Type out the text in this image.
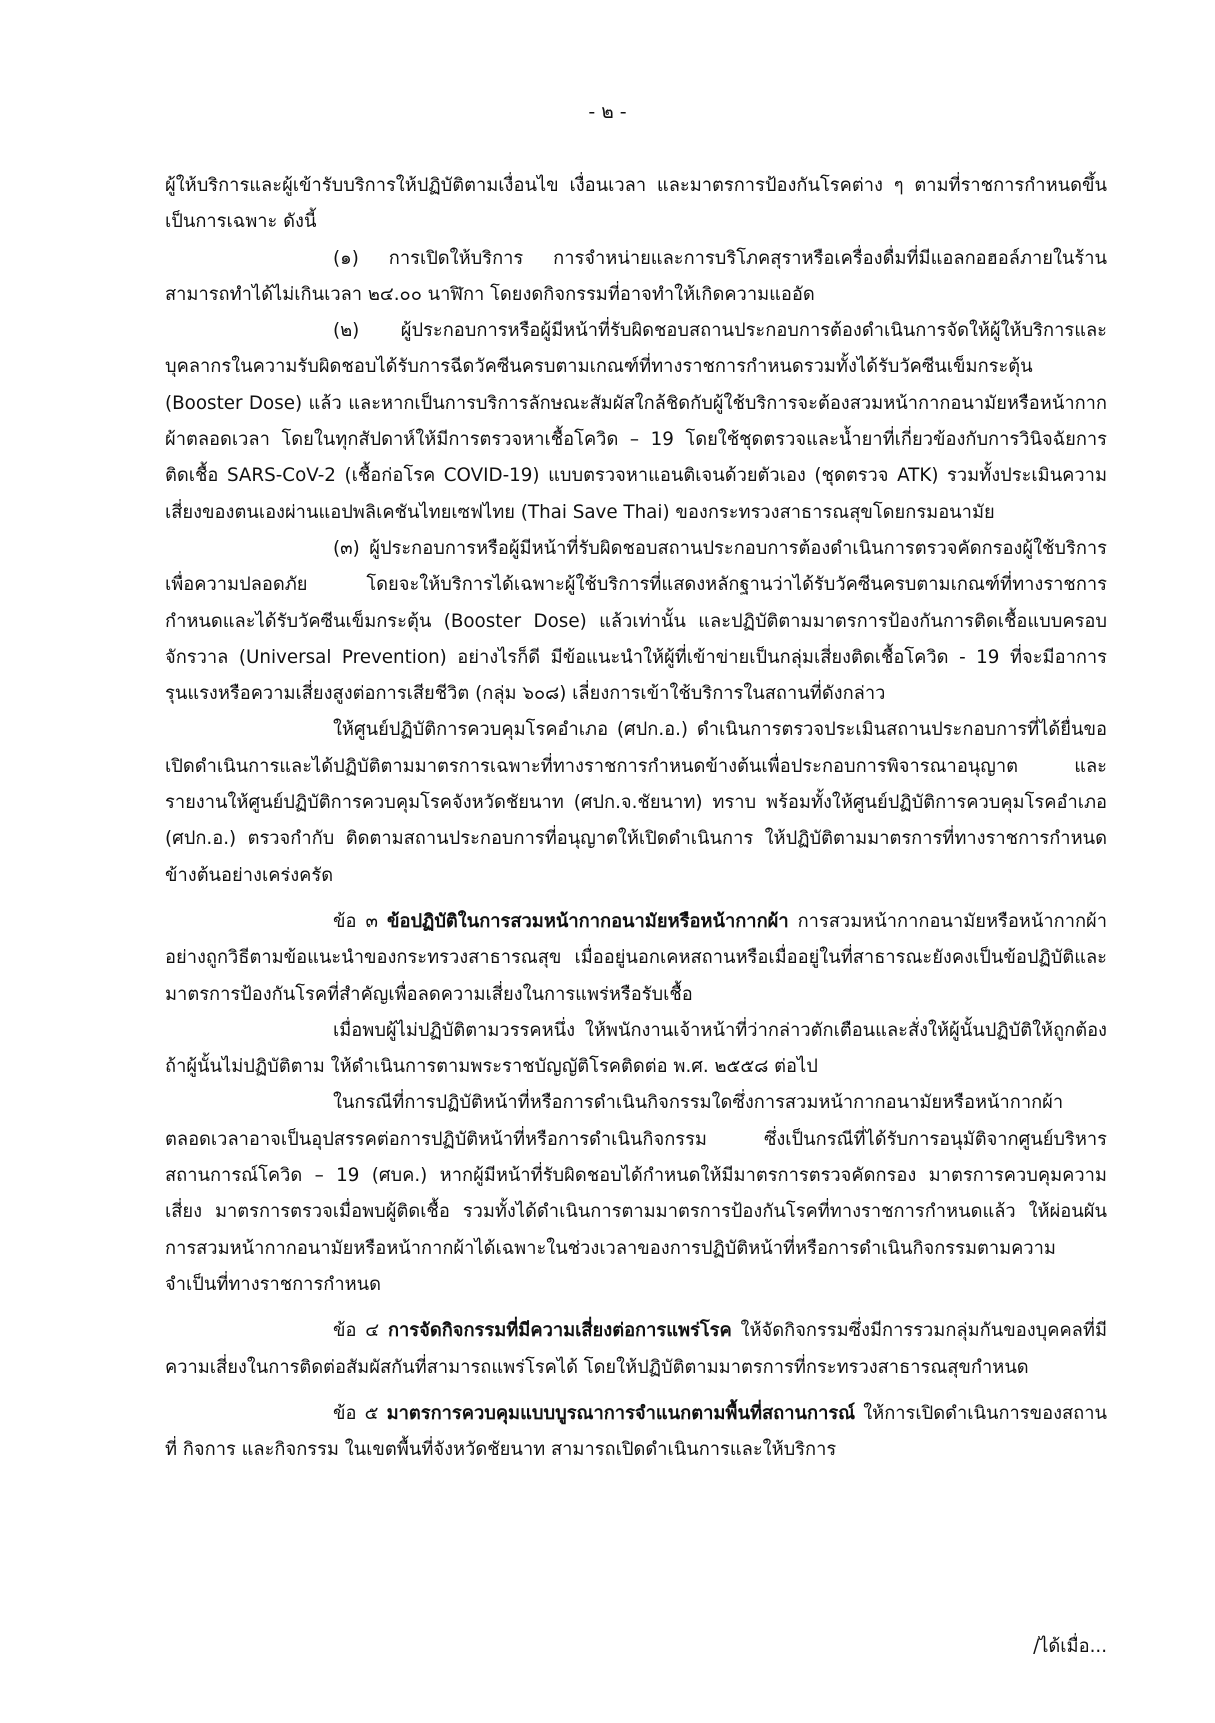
- ๒ -

ผู้ให้บริการและผู้เข้ารับบริการให้ปฏิบัติตามเงื่อนไข เงื่อนเวลา และมาตรการป้องกันโรคต่าง ๆ ตามที่ราชการกำหนดขึ้นเป็นการเฉพาะ ดังนี้

(๑) การเปิดให้บริการ การจำหน่ายและการบริโภคสุราหรือเครื่องดื่มที่มีแอลกอฮอล์ภายในร้านสามารถทำได้ไม่เกินเวลา ๒๔.๐๐ นาฬิกา โดยงดกิจกรรมที่อาจทำให้เกิดความแออัด

(๒) ผู้ประกอบการหรือผู้มีหน้าที่รับผิดชอบสถานประกอบการต้องดำเนินการจัดให้ผู้ให้บริการและบุคลากรในความรับผิดชอบได้รับการฉีดวัคซีนครบตามเกณฑ์ที่ทางราชการกำหนดรวมทั้งได้รับวัคซีนเข็มกระตุ้น (Booster Dose) แล้ว และหากเป็นการบริการลักษณะสัมผัสใกล้ชิดกับผู้ใช้บริการจะต้องสวมหน้ากากอนามัยหรือหน้ากากผ้าตลอดเวลา โดยในทุกสัปดาห์ให้มีการตรวจหาเชื้อโควิด – 19 โดยใช้ชุดตรวจและน้ำยาที่เกี่ยวข้องกับการวินิจฉัยการติดเชื้อ SARS-CoV-2 (เชื้อก่อโรค COVID-19) แบบตรวจหาแอนติเจนด้วยตัวเอง (ชุดตรวจ ATK) รวมทั้งประเมินความเสี่ยงของตนเองผ่านแอปพลิเคชันไทยเซฟไทย (Thai Save Thai) ของกระทรวงสาธารณสุขโดยกรมอนามัย

(๓) ผู้ประกอบการหรือผู้มีหน้าที่รับผิดชอบสถานประกอบการต้องดำเนินการตรวจคัดกรองผู้ใช้บริการเพื่อความปลอดภัย โดยจะให้บริการได้เฉพาะผู้ใช้บริการที่แสดงหลักฐานว่าได้รับวัคซีนครบตามเกณฑ์ที่ทางราชการกำหนดและได้รับวัคซีนเข็มกระตุ้น (Booster Dose) แล้วเท่านั้น และปฏิบัติตามมาตรการป้องกันการติดเชื้อแบบครอบจักรวาล (Universal Prevention) อย่างไรก็ดี มีข้อแนะนำให้ผู้ที่เข้าข่ายเป็นกลุ่มเสี่ยงติดเชื้อโควิด - 19 ที่จะมีอาการรุนแรงหรือความเสี่ยงสูงต่อการเสียชีวิต (กลุ่ม ๖๐๘) เลี่ยงการเข้าใช้บริการในสถานที่ดังกล่าว

ให้ศูนย์ปฏิบัติการควบคุมโรคอำเภอ (ศปก.อ.) ดำเนินการตรวจประเมินสถานประกอบการที่ได้ยื่นขอเปิดดำเนินการและได้ปฏิบัติตามมาตรการเฉพาะที่ทางราชการกำหนดข้างต้นเพื่อประกอบการพิจารณาอนุญาต และรายงานให้ศูนย์ปฏิบัติการควบคุมโรคจังหวัดชัยนาท (ศปก.จ.ชัยนาท) ทราบ พร้อมทั้งให้ศูนย์ปฏิบัติการควบคุมโรคอำเภอ (ศปก.อ.) ตรวจกำกับ ติดตามสถานประกอบการที่อนุญาตให้เปิดดำเนินการ ให้ปฏิบัติตามมาตรการที่ทางราชการกำหนดข้างต้นอย่างเคร่งครัด

ข้อ ๓ ข้อปฏิบัติในการสวมหน้ากากอนามัยหรือหน้ากากผ้า การสวมหน้ากากอนามัยหรือหน้ากากผ้าอย่างถูกวิธีตามข้อแนะนำของกระทรวงสาธารณสุข เมื่ออยู่นอกเคหสถานหรือเมื่ออยู่ในที่สาธารณะยังคงเป็นข้อปฏิบัติและมาตรการป้องกันโรคที่สำคัญเพื่อลดความเสี่ยงในการแพร่หรือรับเชื้อ

เมื่อพบผู้ไม่ปฏิบัติตามวรรคหนึ่ง ให้พนักงานเจ้าหน้าที่ว่ากล่าวตักเตือนและสั่งให้ผู้นั้นปฏิบัติให้ถูกต้อง ถ้าผู้นั้นไม่ปฏิบัติตาม ให้ดำเนินการตามพระราชบัญญัติโรคติดต่อ พ.ศ. ๒๕๕๘ ต่อไป

ในกรณีที่การปฏิบัติหน้าที่หรือการดำเนินกิจกรรมใดซึ่งการสวมหน้ากากอนามัยหรือหน้ากากผ้าตลอดเวลาอาจเป็นอุปสรรคต่อการปฏิบัติหน้าที่หรือการดำเนินกิจกรรม ซึ่งเป็นกรณีที่ได้รับการอนุมัติจากศูนย์บริหารสถานการณ์โควิด – 19 (ศบค.) หากผู้มีหน้าที่รับผิดชอบได้กำหนดให้มีมาตรการตรวจคัดกรอง มาตรการควบคุมความเสี่ยง มาตรการตรวจเมื่อพบผู้ติดเชื้อ รวมทั้งได้ดำเนินการตามมาตรการป้องกันโรคที่ทางราชการกำหนดแล้ว ให้ผ่อนผันการสวมหน้ากากอนามัยหรือหน้ากากผ้าได้เฉพาะในช่วงเวลาของการปฏิบัติหน้าที่หรือการดำเนินกิจกรรมตามความจำเป็นที่ทางราชการกำหนด

ข้อ ๔ การจัดกิจกรรมที่มีความเสี่ยงต่อการแพร่โรค ให้จัดกิจกรรมซึ่งมีการรวมกลุ่มกันของบุคคลที่มีความเสี่ยงในการติดต่อสัมผัสกันที่สามารถแพร่โรคได้ โดยให้ปฏิบัติตามมาตรการที่กระทรวงสาธารณสุขกำหนด

ข้อ ๕ มาตรการควบคุมแบบบูรณาการจำแนกตามพื้นที่สถานการณ์ ให้การเปิดดำเนินการของสถานที่ กิจการ และกิจกรรม ในเขตพื้นที่จังหวัดชัยนาท สามารถเปิดดำเนินการและให้บริการ

/ได้เมื่อ...
